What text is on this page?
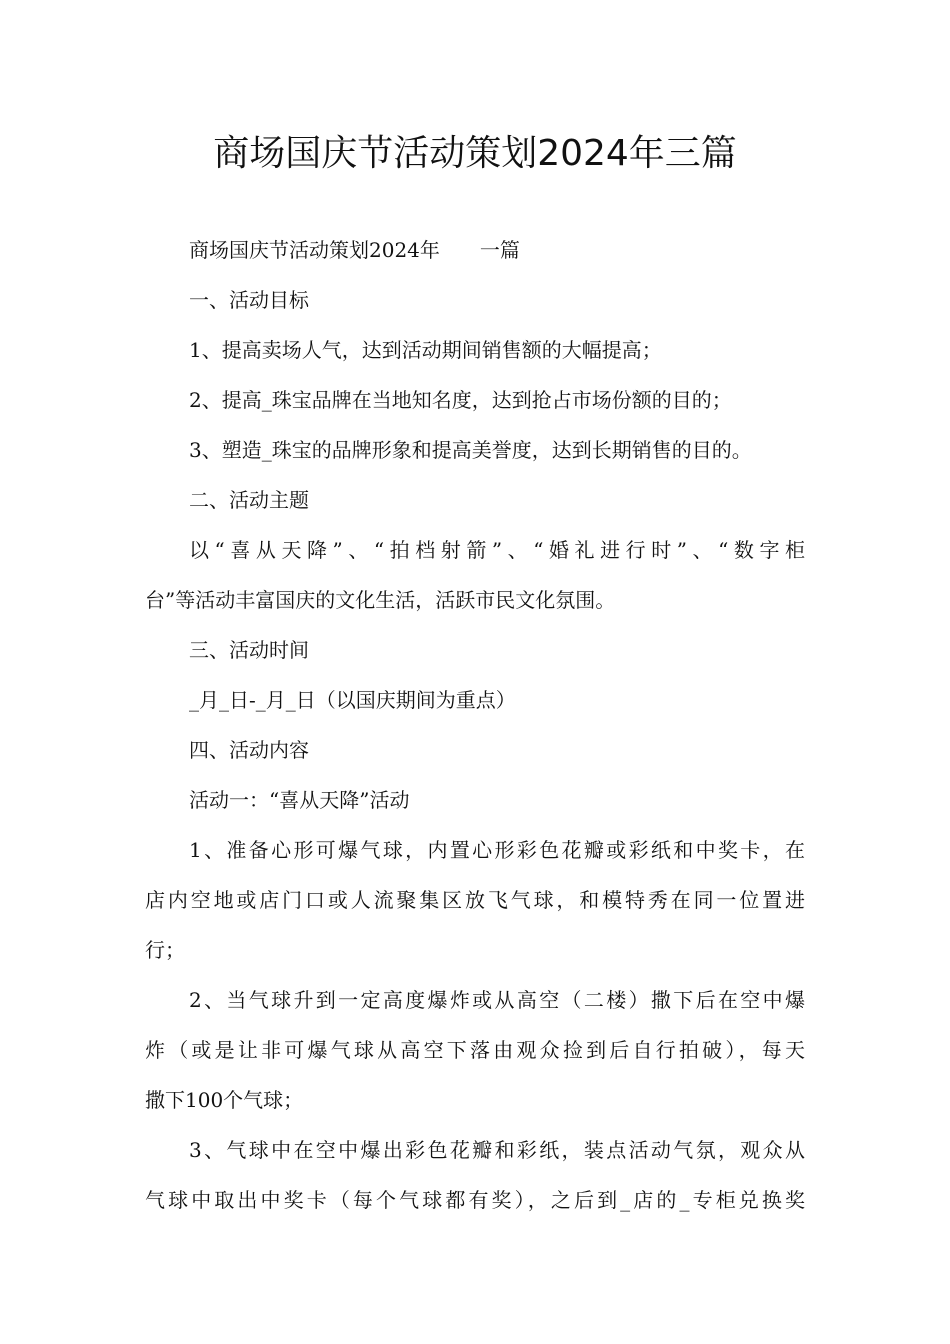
商场国庆节活动策划2024年三篇
商场国庆节活动策划2024年　　一篇
一、活动目标
1、提高卖场人气，达到活动期间销售额的大幅提高；
2、提高_珠宝品牌在当地知名度，达到抢占市场份额的目的；
3、塑造_珠宝的品牌形象和提高美誉度，达到长期销售的目的。
二、活动主题
以“喜从天降”、“拍档射箭”、“婚礼进行时”、“数字柜
台”等活动丰富国庆的文化生活，活跃市民文化氛围。
三、活动时间
_月_日-_月_日（以国庆期间为重点）
四、活动内容
活动一：“喜从天降”活动
1、准备心形可爆气球，内置心形彩色花瓣或彩纸和中奖卡，在
店内空地或店门口或人流聚集区放飞气球，和模特秀在同一位置进
行；
2、当气球升到一定高度爆炸或从高空（二楼）撒下后在空中爆
炸（或是让非可爆气球从高空下落由观众捡到后自行拍破），每天
撒下100个气球；
3、气球中在空中爆出彩色花瓣和彩纸，装点活动气氛，观众从
气球中取出中奖卡（每个气球都有奖），之后到_店的_专柜兑换奖
